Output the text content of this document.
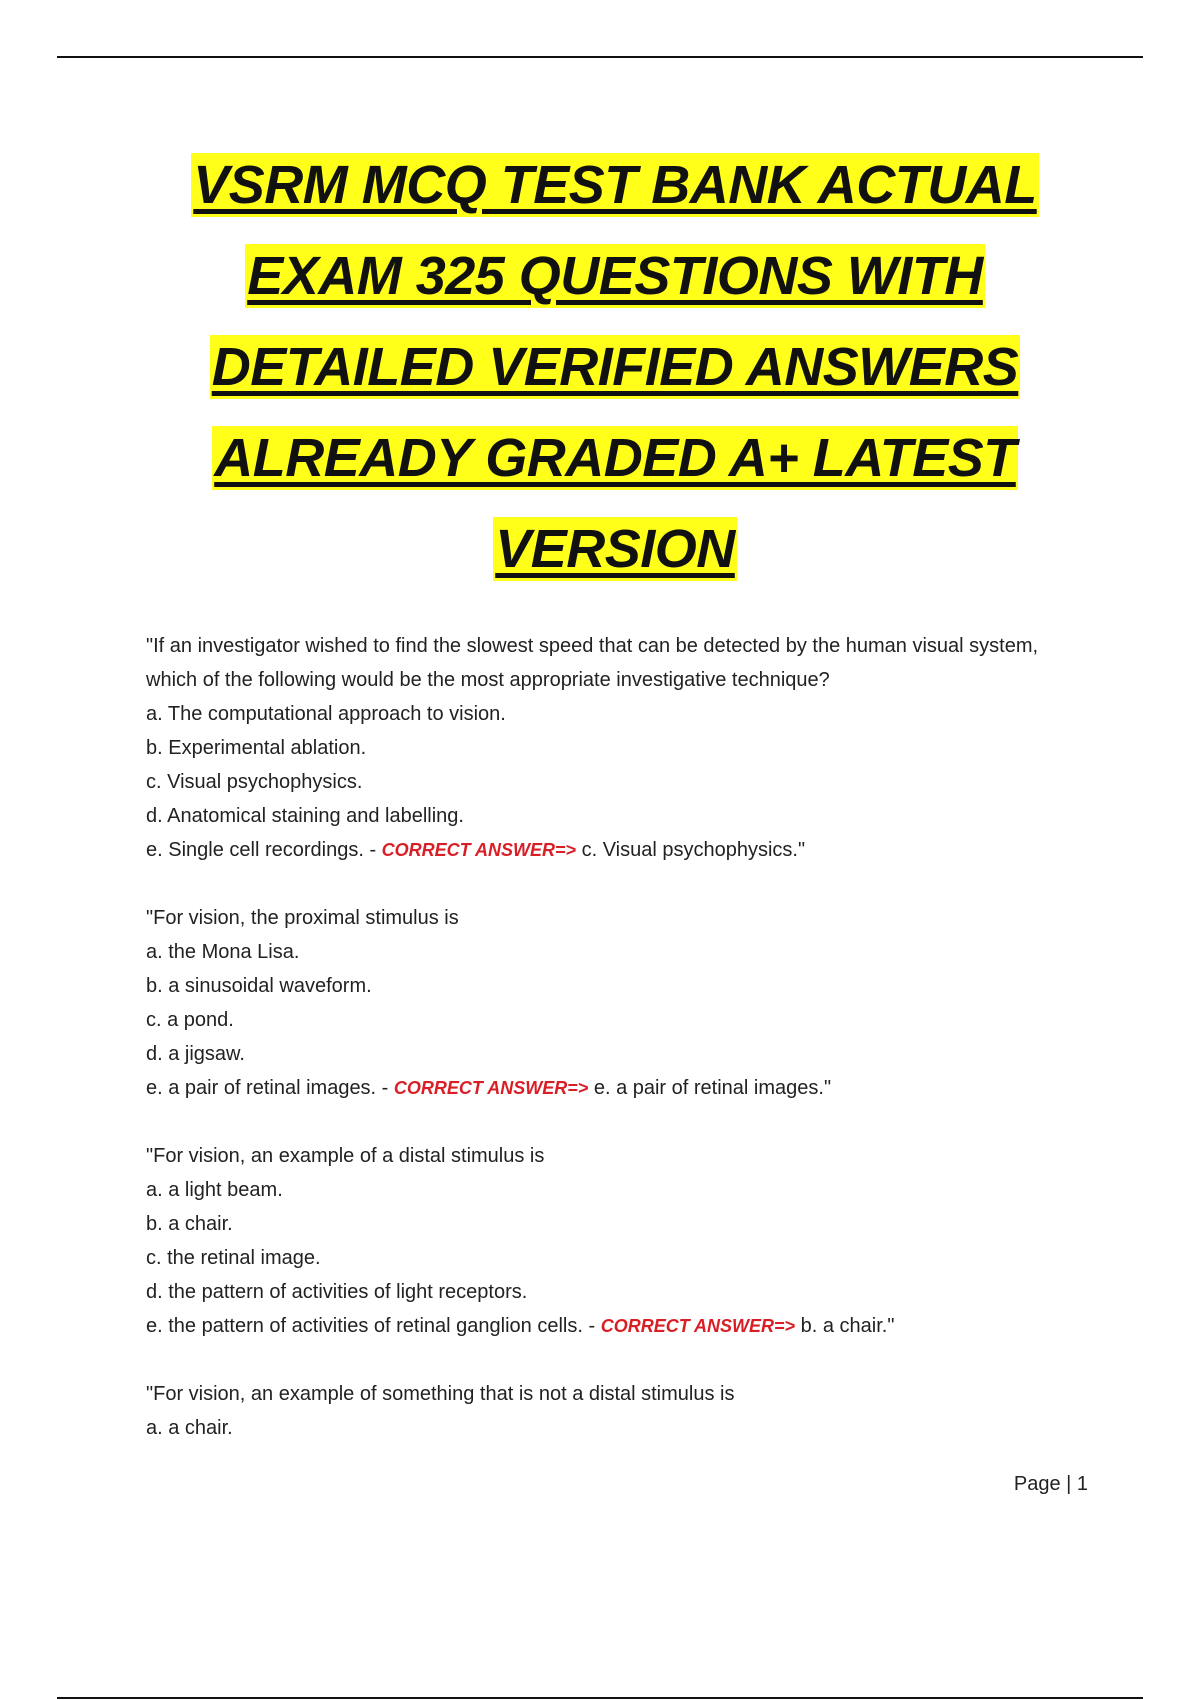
VSRM MCQ TEST BANK ACTUAL EXAM 325 QUESTIONS WITH DETAILED VERIFIED ANSWERS ALREADY GRADED A+ LATEST VERSION

"If an investigator wished to find the slowest speed that can be detected by the human visual system, which of the following would be the most appropriate investigative technique?

a. The computational approach to vision.

b. Experimental ablation.

c. Visual psychophysics.

d. Anatomical staining and labelling.

e. Single cell recordings. - CORRECT ANSWER=> c. Visual psychophysics."

"For vision, the proximal stimulus is

a. the Mona Lisa.

b. a sinusoidal waveform.

c. a pond.

d. a jigsaw.

e. a pair of retinal images. - CORRECT ANSWER=> e. a pair of retinal images."

"For vision, an example of a distal stimulus is

a. a light beam.

b. a chair.

c. the retinal image.

d. the pattern of activities of light receptors.

e. the pattern of activities of retinal ganglion cells. - CORRECT ANSWER=> b. a chair."

"For vision, an example of something that is not a distal stimulus is

a. a chair.

Page | 1
